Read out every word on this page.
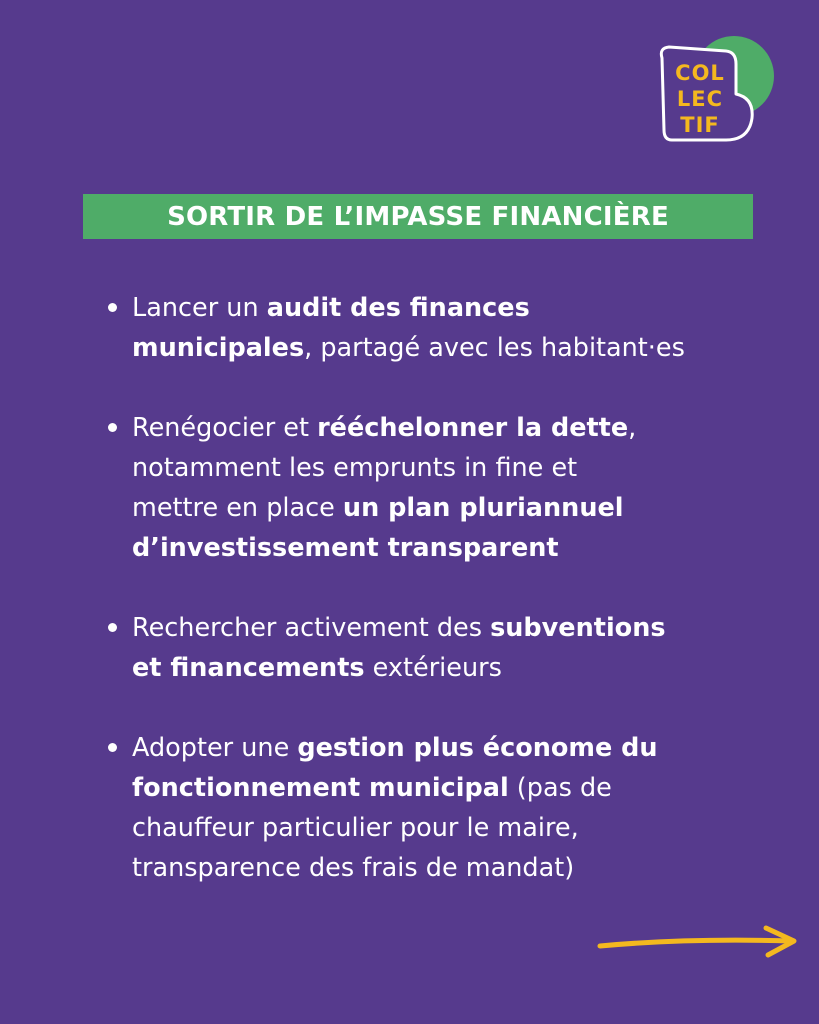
COL
LEC
TIF
SORTIR DE L’IMPASSE FINANCIÈRE
Lancer un audit des finances
municipales, partagé avec les habitant·es
Renégocier et rééchelonner la dette,
notamment les emprunts in fine et
mettre en place un plan pluriannuel
d’investissement transparent
Rechercher activement des subventions
et financements extérieurs
Adopter une gestion plus économe du
fonctionnement municipal (pas de
chauffeur particulier pour le maire,
transparence des frais de mandat)
